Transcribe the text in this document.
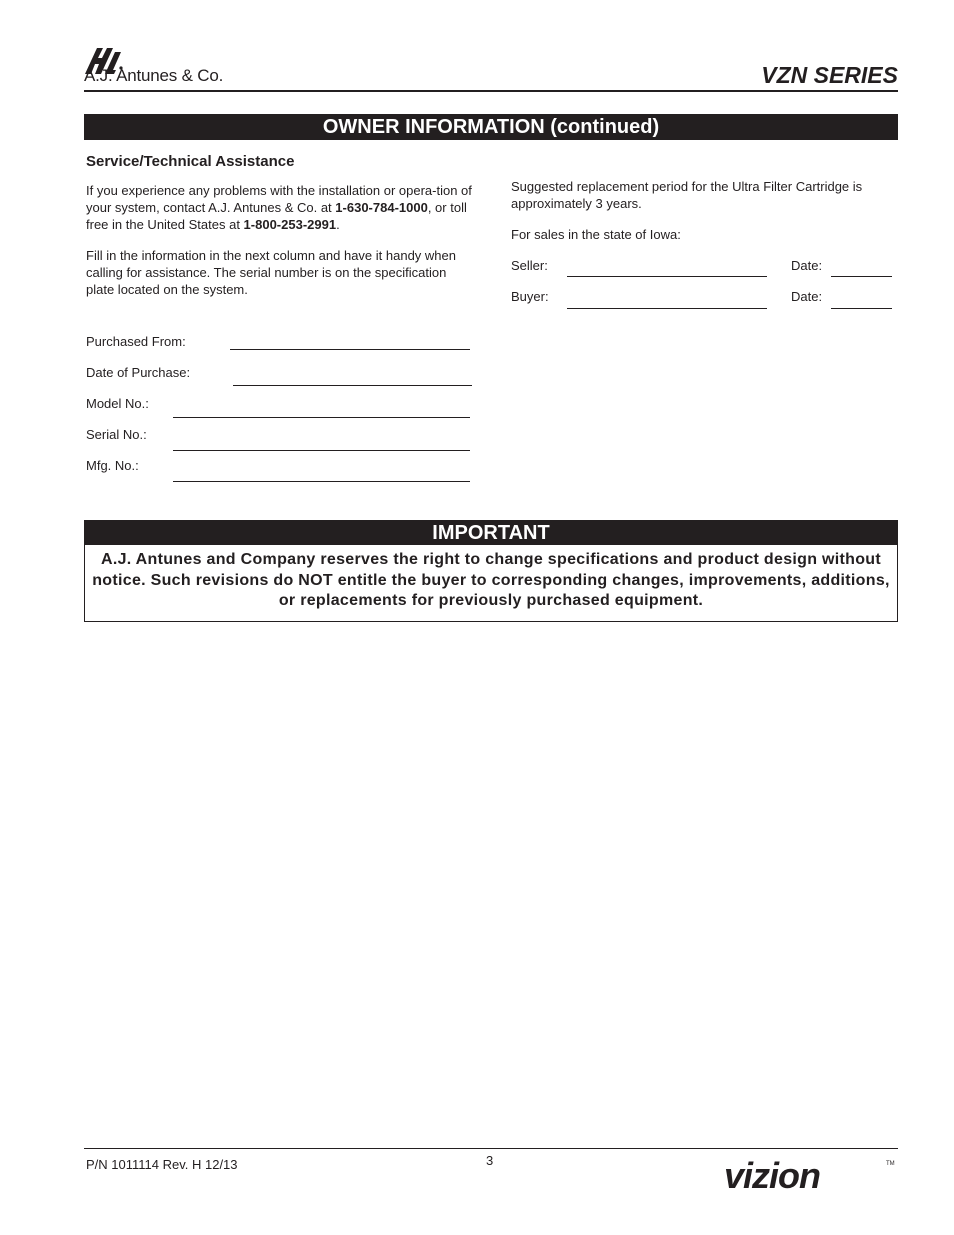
A.J. Antunes & Co.	VZN SERIES
OWNER INFORMATION (continued)
Service/Technical Assistance
If you experience any problems with the installation or opera-tion of your system, contact A.J. Antunes & Co. at 1-630-784-1000, or toll free in the United States at 1-800-253-2991.
Fill in the information in the next column and have it handy when calling for assistance. The serial number is on the specification plate located on the system.
Purchased From:
Date of Purchase:
Model No.:
Serial No.:
Mfg. No.:
Suggested replacement period for the Ultra Filter Cartridge is approximately 3 years.
For sales in the state of Iowa:
Seller:	Date:
Buyer:	Date:
IMPORTANT
A.J. Antunes and Company reserves the right to change specifications and product design without notice. Such revisions do NOT entitle the buyer to corresponding changes, improvements, additions, or replacements for previously purchased equipment.
P/N 1011114 Rev. H 12/13	3	vizion	TM
